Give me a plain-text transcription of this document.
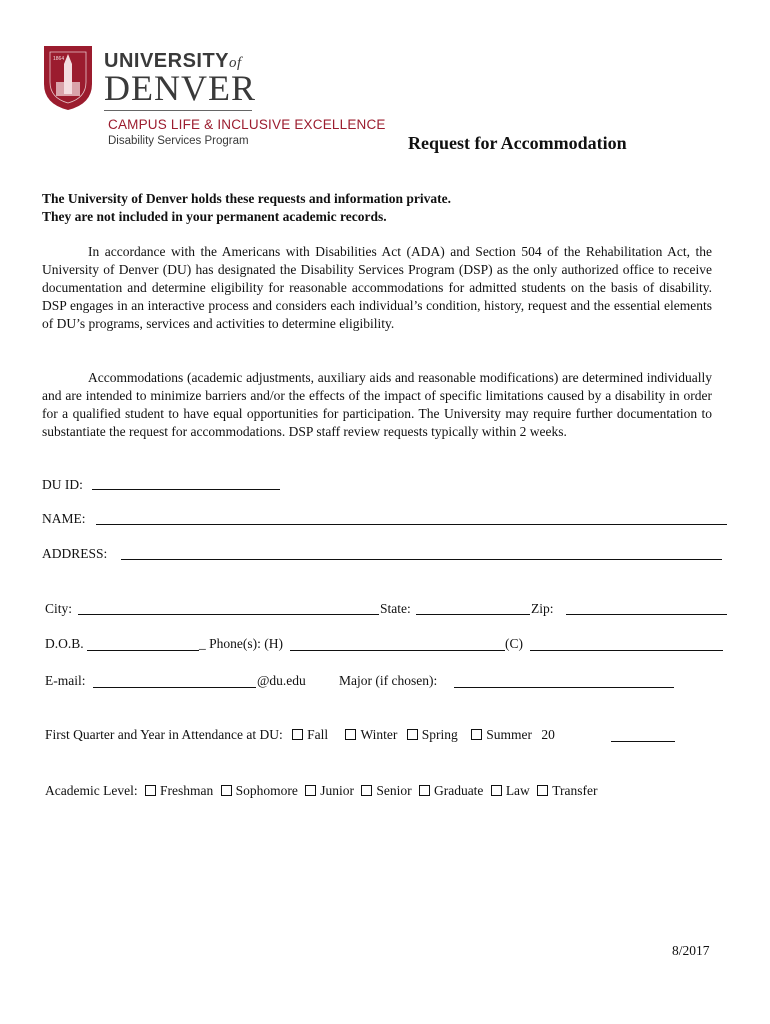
1864 UNIVERSITYof
DENVER
CAMPUS LIFE & INCLUSIVE EXCELLENCE
Disability Services Program	Request for Accommodation
The University of Denver holds these requests and information private.
They are not included in your permanent academic records.
In accordance with the Americans with Disabilities Act (ADA) and Section 504 of the Rehabilitation Act, the University of Denver (DU) has designated the Disability Services Program (DSP) as the only authorized office to receive documentation and determine eligibility for reasonable accommodations for admitted students on the basis of disability. DSP engages in an interactive process and considers each individual’s condition, history, request and the essential elements of DU’s programs, services and activities to determine eligibility.
Accommodations (academic adjustments, auxiliary aids and reasonable modifications) are determined individually and are intended to minimize barriers and/or the effects of the impact of specific limitations caused by a disability in order for a qualified student to have equal opportunities for participation. The University may require further documentation to substantiate the request for accommodations. DSP staff review requests typically within 2 weeks.
DU ID:
NAME:
ADDRESS:
City:	State:	Zip:
D.O.B.	_ Phone(s): (H)	(C)
E-mail:	@du.edu Major (if chosen):
First Quarter and Year in Attendance at DU: Fall Winter Spring Summer 20
Academic Level: Freshman Sophomore Junior Senior Graduate Law Transfer
8/2017
